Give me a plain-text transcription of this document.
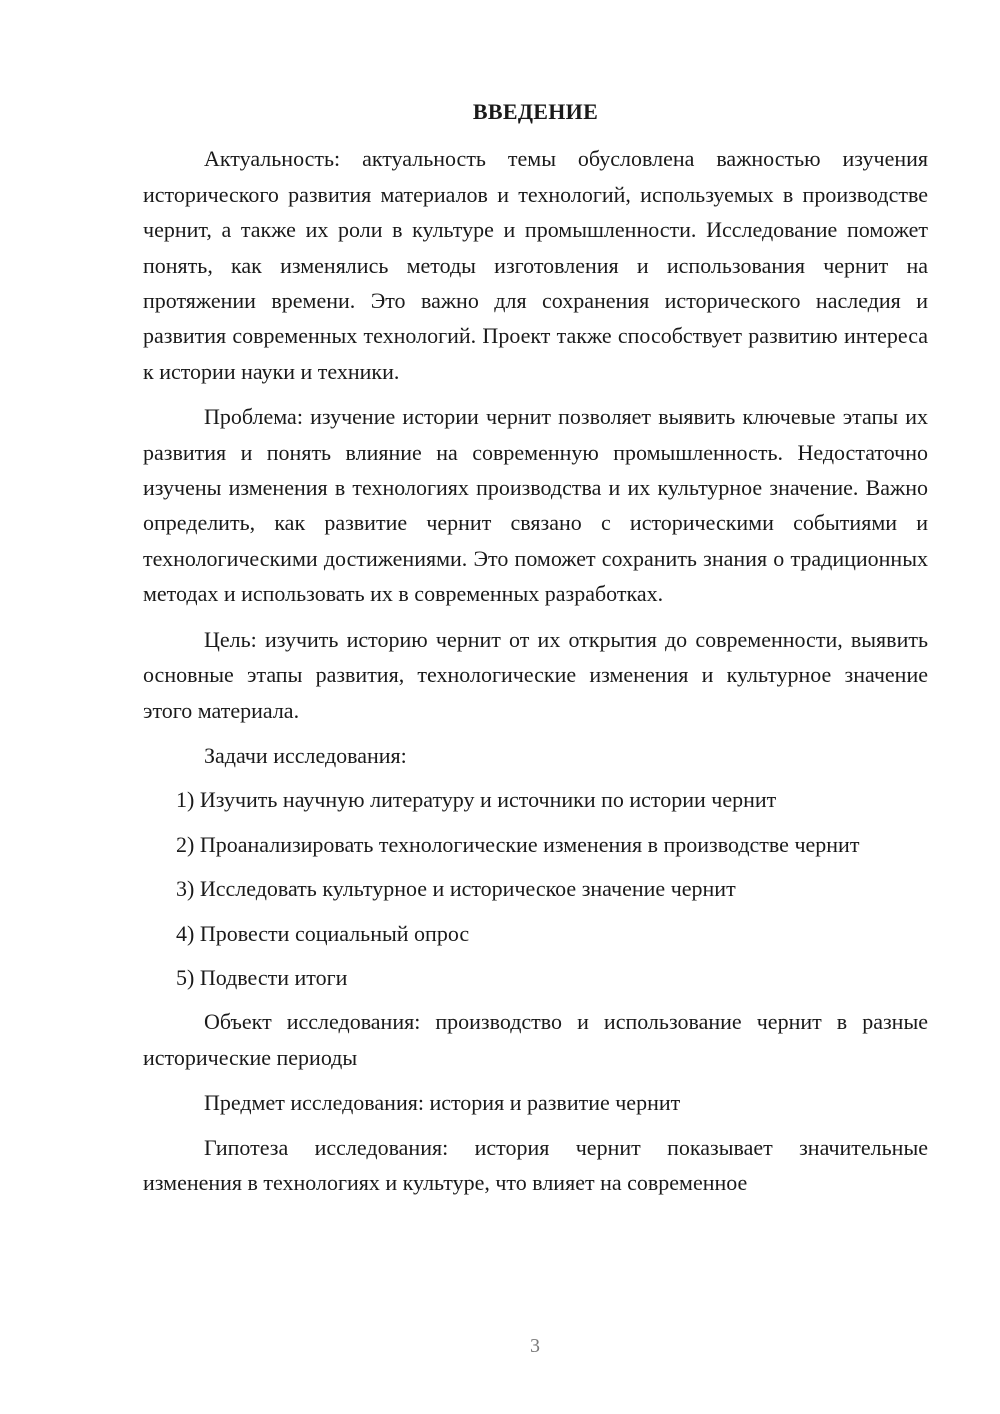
ВВЕДЕНИЕ

Актуальность: актуальность темы обусловлена важностью изучения исторического развития материалов и технологий, используемых в производстве чернит, а также их роли в культуре и промышленности. Исследование поможет понять, как изменялись методы изготовления и использования чернит на протяжении времени. Это важно для сохранения исторического наследия и развития современных технологий. Проект также способствует развитию интереса к истории науки и техники.

Проблема: изучение истории чернит позволяет выявить ключевые этапы их развития и понять влияние на современную промышленность. Недостаточно изучены изменения в технологиях производства и их культурное значение. Важно определить, как развитие чернит связано с историческими событиями и технологическими достижениями. Это поможет сохранить знания о традиционных методах и использовать их в современных разработках.

Цель: изучить историю чернит от их открытия до современности, выявить основные этапы развития, технологические изменения и культурное значение этого материала.

Задачи исследования:

1) Изучить научную литературу и источники по истории чернит

2) Проанализировать технологические изменения в производстве чернит

3) Исследовать культурное и историческое значение чернит

4) Провести социальный опрос

5) Подвести итоги

Объект исследования: производство и использование чернит в разные исторические периоды

Предмет исследования: история и развитие чернит

Гипотеза исследования: история чернит показывает значительные изменения в технологиях и культуре, что влияет на современное

3
